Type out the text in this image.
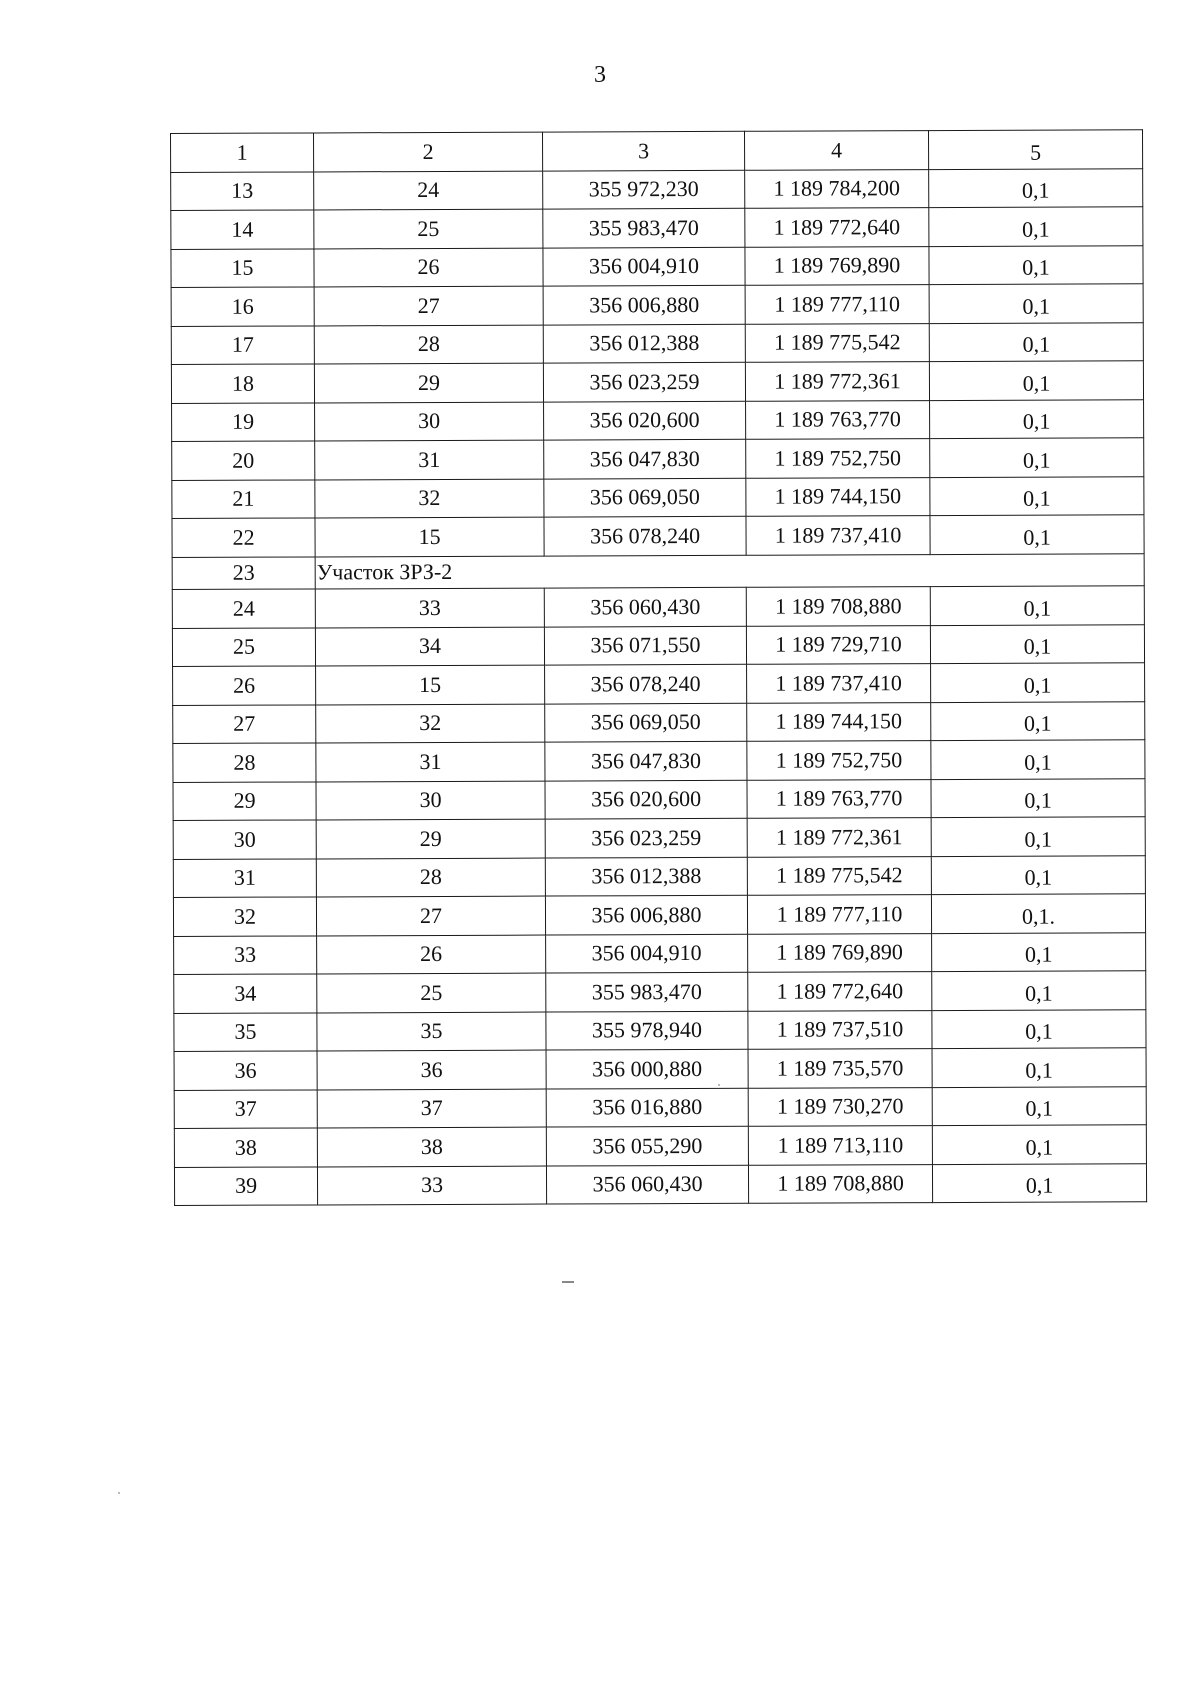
3
1	2	3	4	5
13	24	355 972,230	1 189 784,200	0,1
14	25	355 983,470	1 189 772,640	0,1
15	26	356 004,910	1 189 769,890	0,1
16	27	356 006,880	1 189 777,110	0,1
17	28	356 012,388	1 189 775,542	0,1
18	29	356 023,259	1 189 772,361	0,1
19	30	356 020,600	1 189 763,770	0,1
20	31	356 047,830	1 189 752,750	0,1
21	32	356 069,050	1 189 744,150	0,1
22	15	356 078,240	1 189 737,410	0,1
23	Участок ЗРЗ-2			
24	33	356 060,430	1 189 708,880	0,1
25	34	356 071,550	1 189 729,710	0,1
26	15	356 078,240	1 189 737,410	0,1
27	32	356 069,050	1 189 744,150	0,1
28	31	356 047,830	1 189 752,750	0,1
29	30	356 020,600	1 189 763,770	0,1
30	29	356 023,259	1 189 772,361	0,1
31	28	356 012,388	1 189 775,542	0,1
32	27	356 006,880	1 189 777,110	0,1.
33	26	356 004,910	1 189 769,890	0,1
34	25	355 983,470	1 189 772,640	0,1
35	35	355 978,940	1 189 737,510	0,1
36	36	356 000,880	1 189 735,570	0,1
37	37	356 016,880	1 189 730,270	0,1
38	38	356 055,290	1 189 713,110	0,1
39	33	356 060,430	1 189 708,880	0,1
